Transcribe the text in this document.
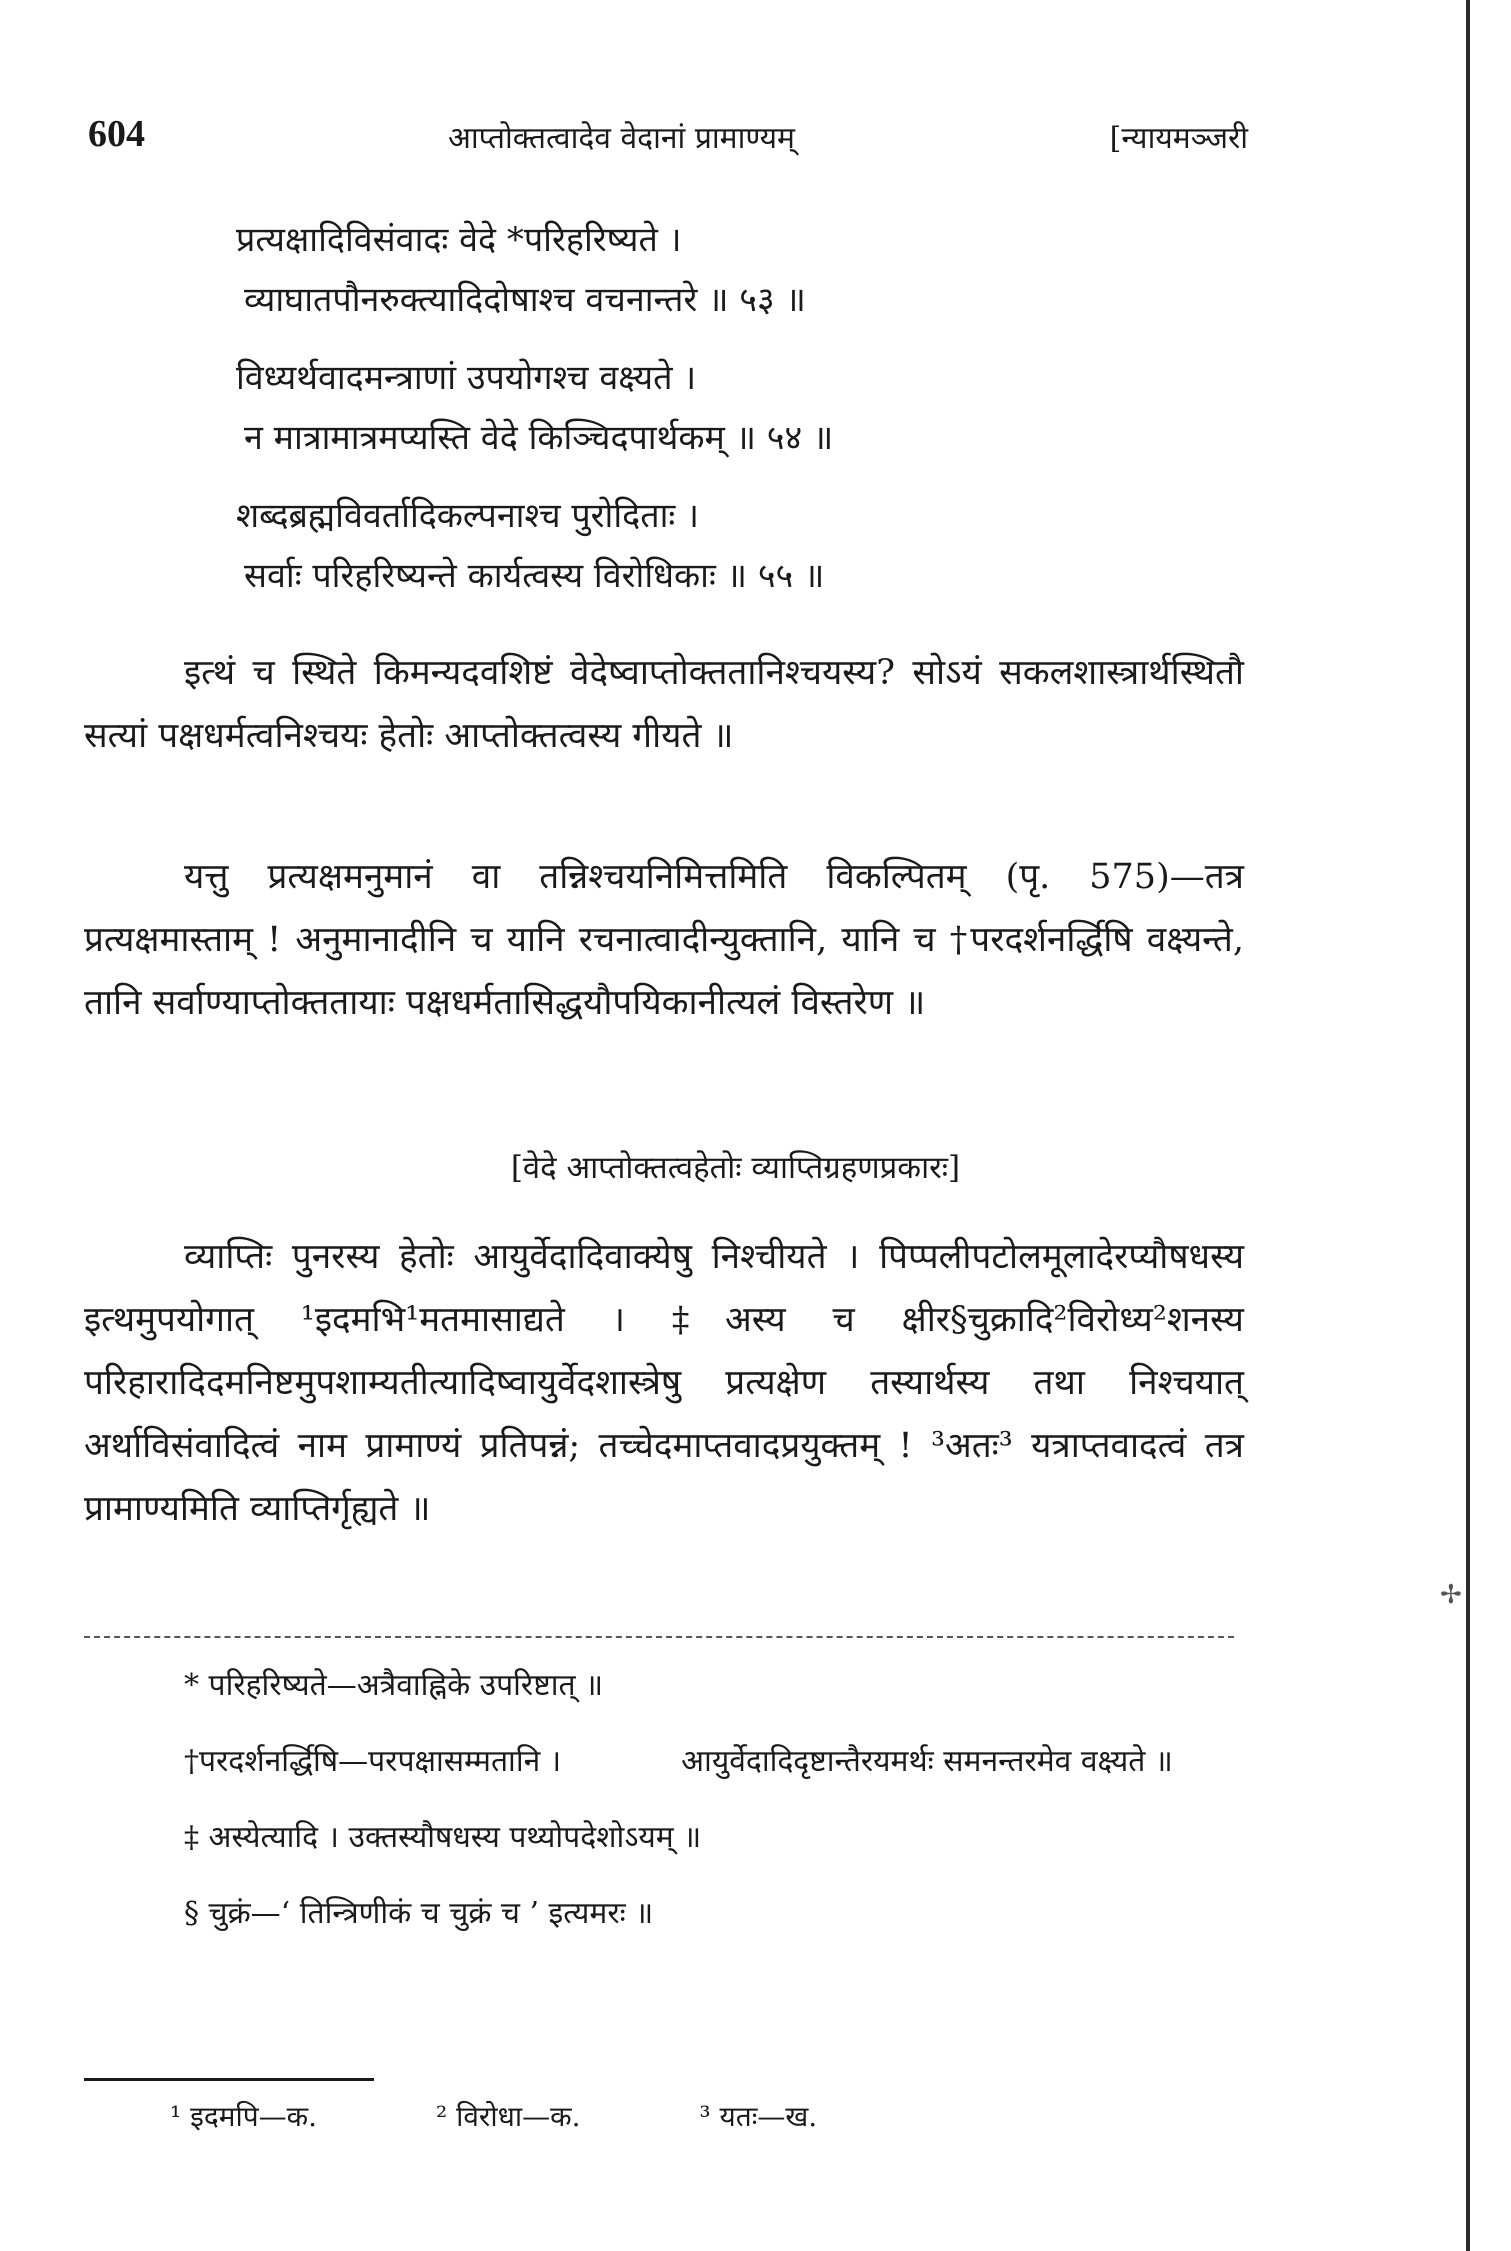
✢
604	आप्तोक्तत्वादेव वेदानां प्रामाण्यम्	[न्यायमञ्जरी
प्रत्यक्षादिविसंवादः वेदे *परिहरिष्यते ।
व्याघातपौनरुक्त्यादिदोषाश्च वचनान्तरे ॥ ५३ ॥
विध्यर्थवादमन्त्राणां उपयोगश्च वक्ष्यते ।
न मात्रामात्रमप्यस्ति वेदे किञ्चिदपार्थकम् ॥ ५४ ॥
शब्दब्रह्मविवर्तादिकल्पनाश्च पुरोदिताः ।
सर्वाः परिहरिष्यन्ते कार्यत्वस्य विरोधिकाः ॥ ५५ ॥

इत्थं च स्थिते किमन्यदवशिष्टं वेदेष्वाप्तोक्ततानिश्चयस्य? सोऽयं सकलशास्त्रार्थस्थितौ सत्यां पक्षधर्मत्वनिश्चयः हेतोः आप्तोक्तत्वस्य गीयते ॥

यत्तु प्रत्यक्षमनुमानं वा तन्निश्चयनिमित्तमिति विकल्पितम् (पृ. 575)—तत्र प्रत्यक्षमास्ताम् ! अनुमानादीनि च यानि रचनात्वादीन्युक्तानि, यानि च †परदर्शनर्द्धिषि वक्ष्यन्ते, तानि सर्वाण्याप्तोक्ततायाः पक्षधर्मतासिद्धयौपयिकानीत्यलं विस्तरेण ॥

[वेदे आप्तोक्तत्वहेतोः व्याप्तिग्रहणप्रकारः]

व्याप्तिः पुनरस्य हेतोः आयुर्वेदादिवाक्येषु निश्चीयते । पिप्पलीपटोलमूलादेरप्यौषधस्य इत्थमुपयोगात् ¹इदमभि¹मतमासाद्यते । ‡अस्य च क्षीर§चुक्रादि²विरोध्य²शनस्य परिहारादिदमनिष्टमुपशाम्यतीत्यादिष्वायुर्वेदशास्त्रेषु प्रत्यक्षेण तस्यार्थस्य तथा निश्चयात् अर्थाविसंवादित्वं नाम प्रामाण्यं प्रतिपन्नं; तच्चेदमाप्तवादप्रयुक्तम् ! ³अतः³ यत्राप्तवादत्वं तत्र प्रामाण्यमिति व्याप्तिर्गृह्यते ॥

* परिहरिष्यते—अत्रैवाह्निके उपरिष्टात् ॥
†परदर्शनर्द्धिषि—परपक्षासम्मतानि ।	आयुर्वेदादिदृष्टान्तैरयमर्थः समनन्तरमेव वक्ष्यते ॥
‡ अस्येत्यादि । उक्तस्यौषधस्य पथ्योपदेशोऽयम् ॥
§ चुक्रं—‘ तिन्त्रिणीकं च चुक्रं च ’ इत्यमरः ॥
¹ इदमपि—क.	² विरोधा—क.	³ यतः—ख.
